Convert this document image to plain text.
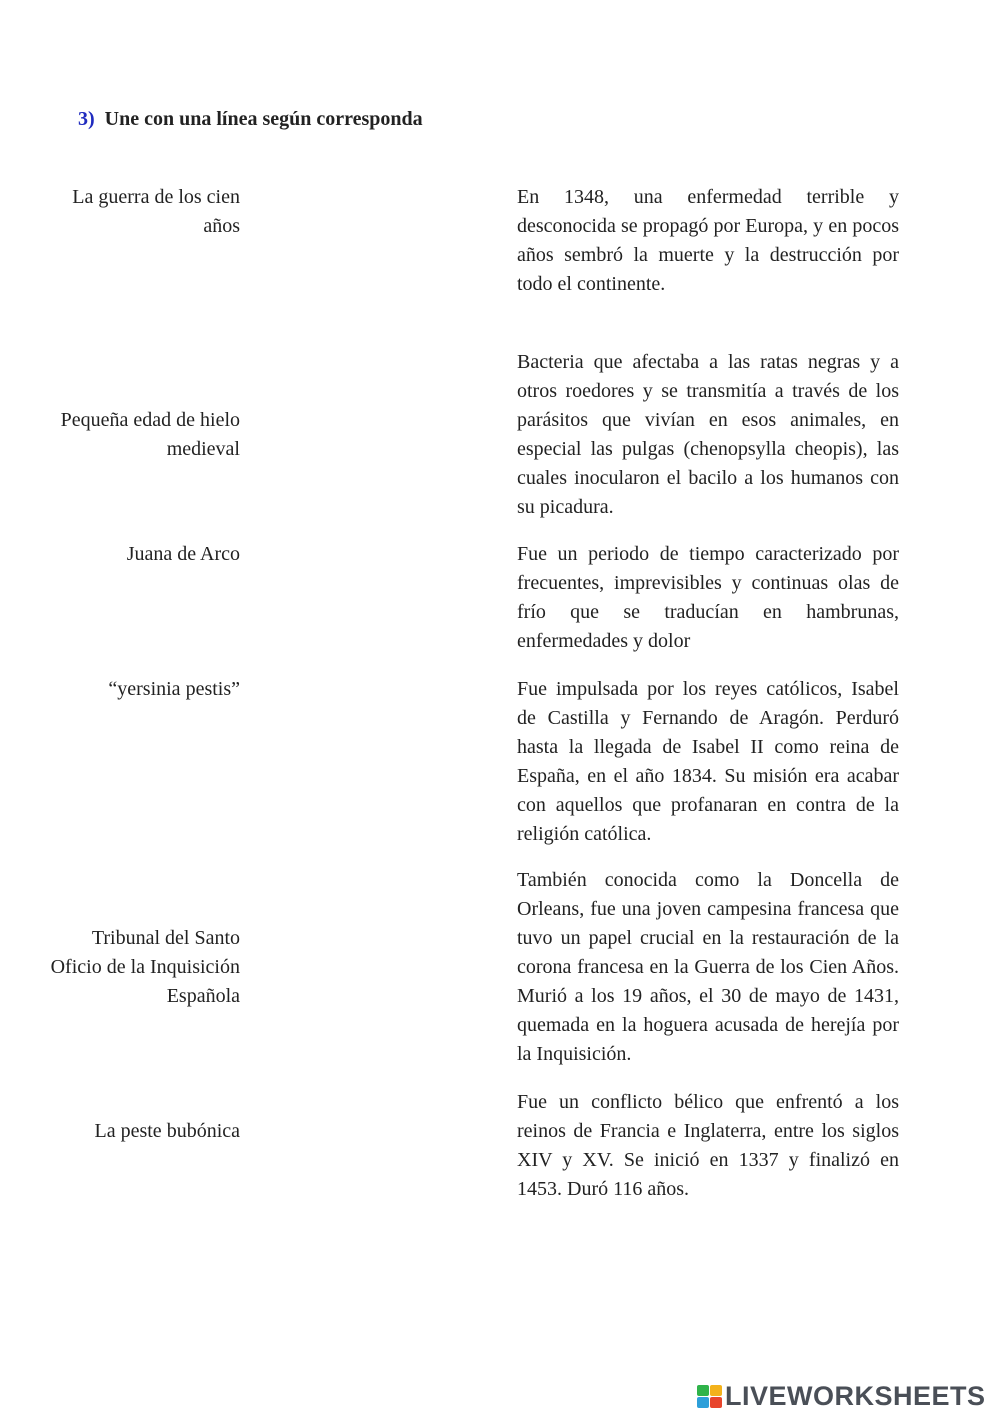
3) Une con una línea según corresponda
La guerra de los cien años
Pequeña edad de hielo medieval
Juana de Arco
“yersinia pestis”
Tribunal del Santo Oficio de la Inquisición Española
La peste bubónica
En 1348, una enfermedad terrible y desconocida se propagó por Europa, y en pocos años sembró la muerte y la destrucción por todo el continente.
Bacteria que afectaba a las ratas negras y a otros roedores y se transmitía a través de los parásitos que vivían en esos animales, en especial las pulgas (chenopsylla cheopis), las cuales inocularon el bacilo a los humanos con su picadura.
Fue un periodo de tiempo caracterizado por frecuentes, imprevisibles y continuas olas de frío que se traducían en hambrunas, enfermedades y dolor
Fue impulsada por los reyes católicos, Isabel de Castilla y Fernando de Aragón. Perduró hasta la llegada de Isabel II como reina de España, en el año 1834. Su misión era acabar con aquellos que profanaran en contra de la religión católica.
También conocida como la Doncella de Orleans, fue una joven campesina francesa que tuvo un papel crucial en la restauración de la corona francesa en la Guerra de los Cien Años. Murió a los 19 años, el 30 de mayo de 1431, quemada en la hoguera acusada de herejía por la Inquisición.
Fue un conflicto bélico que enfrentó a los reinos de Francia e Inglaterra, entre los siglos XIV y XV. Se inició en 1337 y finalizó en 1453. Duró 116 años.
LIVEWORKSHEETS
